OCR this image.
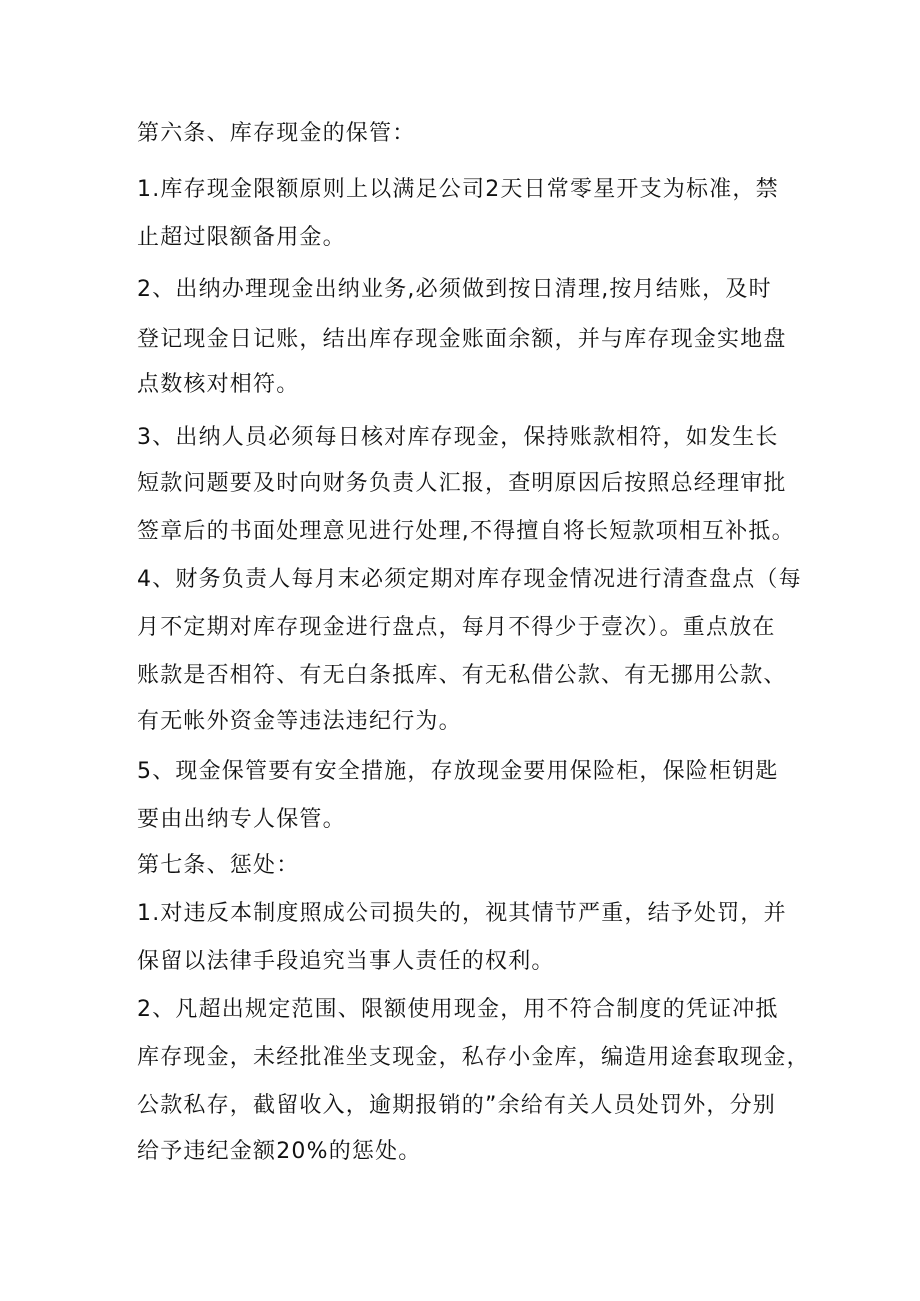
第六条、库存现金的保管：
1.库存现金限额原则上以满足公司2天日常零星开支为标准，禁
止超过限额备用金。
2、出纳办理现金出纳业务,必须做到按日清理,按月结账，及时
登记现金日记账，结出库存现金账面余额，并与库存现金实地盘
点数核对相符。
3、出纳人员必须每日核对库存现金，保持账款相符，如发生长
短款问题要及时向财务负责人汇报，查明原因后按照总经理审批
签章后的书面处理意见进行处理,不得擅自将长短款项相互补抵。
4、财务负责人每月末必须定期对库存现金情况进行清查盘点（每
月不定期对库存现金进行盘点，每月不得少于壹次）。重点放在
账款是否相符、有无白条抵库、有无私借公款、有无挪用公款、
有无帐外资金等违法违纪行为。
5、现金保管要有安全措施，存放现金要用保险柜，保险柜钥匙
要由出纳专人保管。
第七条、惩处：
1.对违反本制度照成公司损失的，视其情节严重，结予处罚，并
保留以法律手段追究当事人责任的权利。
2、凡超出规定范围、限额使用现金，用不符合制度的凭证冲抵
库存现金，未经批准坐支现金，私存小金库，编造用途套取现金，
公款私存，截留收入，逾期报销的”余给有关人员处罚外，分别
给予违纪金额20%的惩处。
